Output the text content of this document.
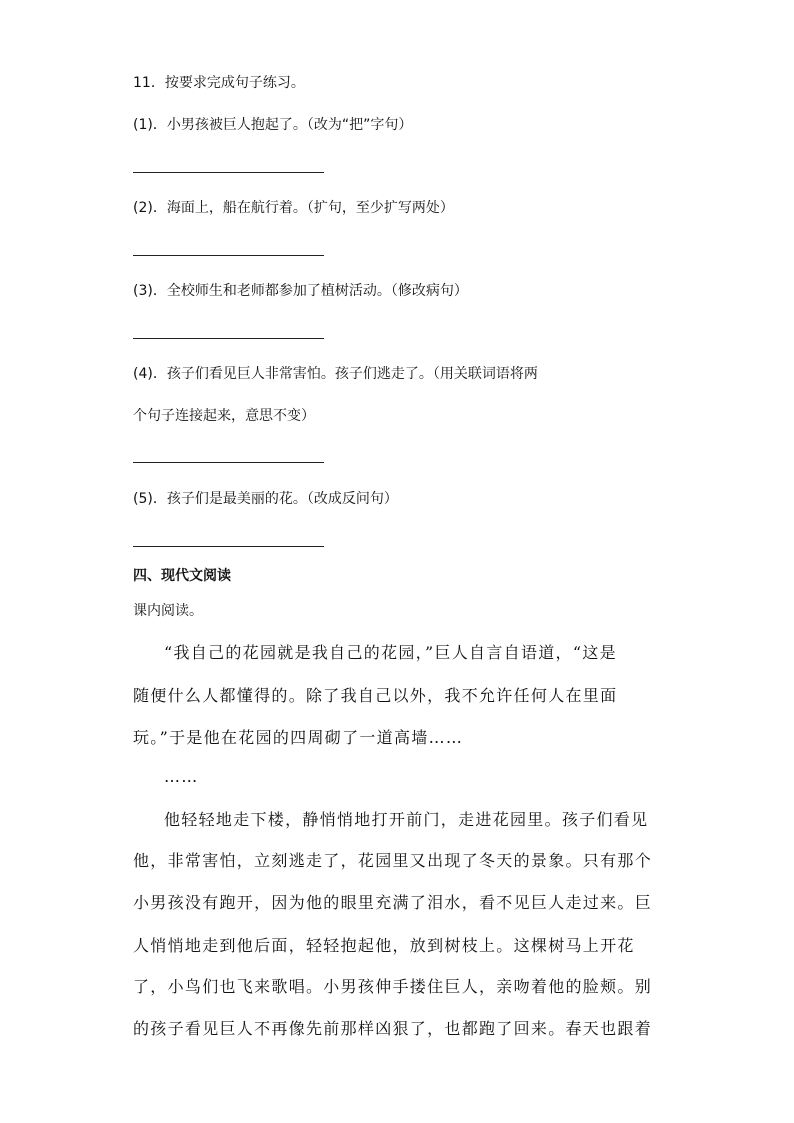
11．按要求完成句子练习。
(1)．小男孩被巨人抱起了。（改为“把”字句）
(2)．海面上，船在航行着。（扩句，至少扩写两处）
(3)．全校师生和老师都参加了植树活动。（修改病句）
(4)．孩子们看见巨人非常害怕。孩子们逃走了。（用关联词语将两
个句子连接起来，意思不变）
(5)．孩子们是最美丽的花。（改成反问句）
四、现代文阅读
课内阅读。
“我自己的花园就是我自己的花园，”巨人自言自语道，“这是
随便什么人都懂得的。除了我自己以外，我不允许任何人在里面
玩。”于是他在花园的四周砌了一道高墙……
……
他轻轻地走下楼，静悄悄地打开前门，走进花园里。孩子们看见
他，非常害怕，立刻逃走了，花园里又出现了冬天的景象。只有那个
小男孩没有跑开，因为他的眼里充满了泪水，看不见巨人走过来。巨
人悄悄地走到他后面，轻轻抱起他，放到树枝上。这棵树马上开花
了，小鸟们也飞来歌唱。小男孩伸手搂住巨人，亲吻着他的脸颊。别
的孩子看见巨人不再像先前那样凶狠了，也都跑了回来。春天也跟着
